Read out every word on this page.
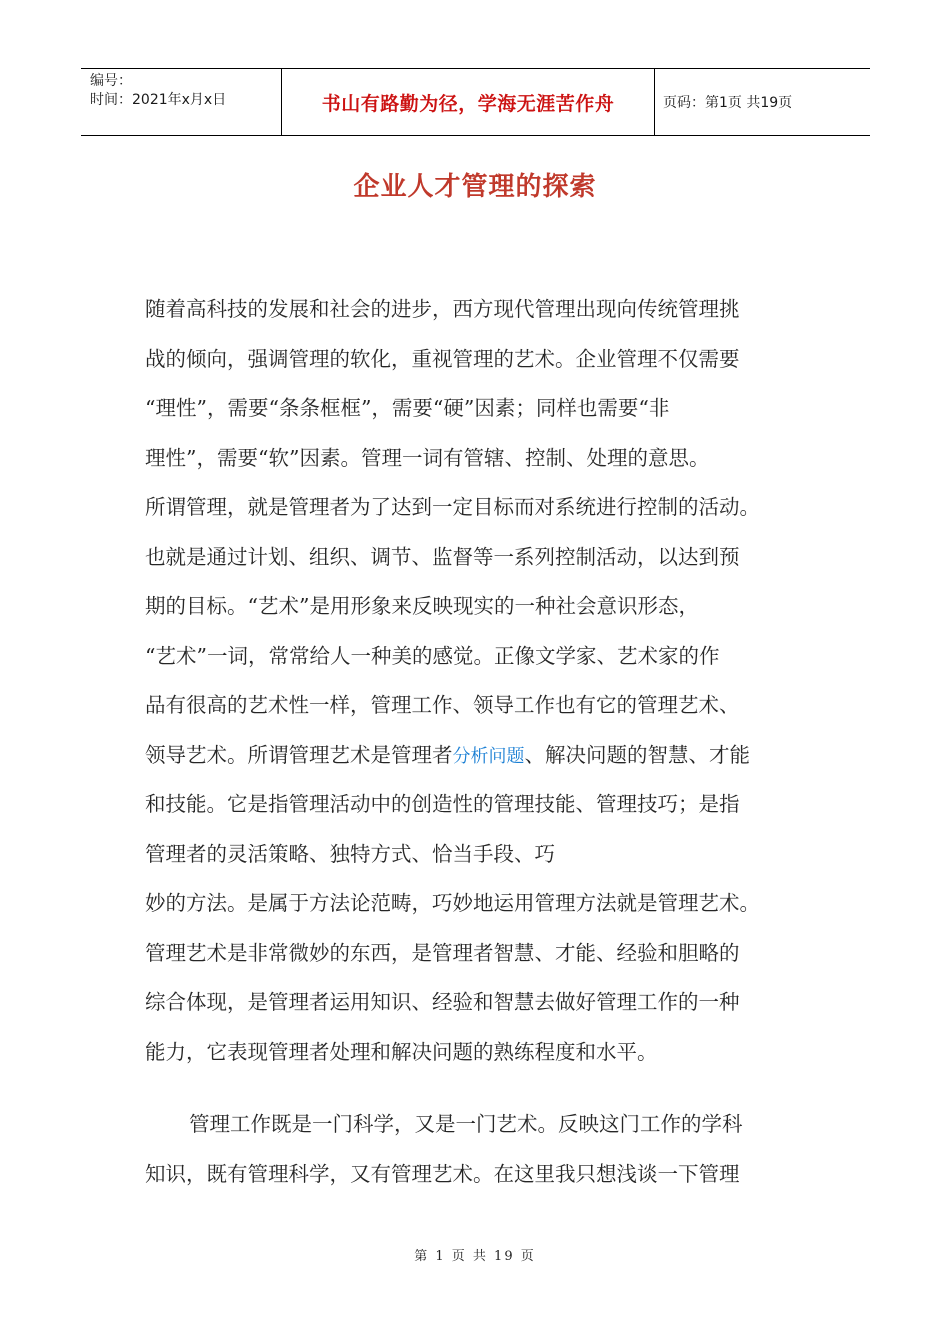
编号：
时间：2021年x月x日	书山有路勤为径，学海无涯苦作舟	页码：第1页 共19页
企业人才管理的探索
随着高科技的发展和社会的进步，西方现代管理出现向传统管理挑
战的倾向，强调管理的软化，重视管理的艺术。企业管理不仅需要
“理性”，需要“条条框框”，需要“硬”因素；同样也需要“非
理性”，需要“软”因素。管理一词有管辖、控制、处理的意思。
所谓管理，就是管理者为了达到一定目标而对系统进行控制的活动。
也就是通过计划、组织、调节、监督等一系列控制活动，以达到预
期的目标。“艺术”是用形象来反映现实的一种社会意识形态，
“艺术”一词，常常给人一种美的感觉。正像文学家、艺术家的作
品有很高的艺术性一样，管理工作、领导工作也有它的管理艺术、
领导艺术。所谓管理艺术是管理者分析问题、解决问题的智慧、才能
和技能。它是指管理活动中的创造性的管理技能、管理技巧；是指
管理者的灵活策略、独特方式、恰当手段、巧
妙的方法。是属于方法论范畴，巧妙地运用管理方法就是管理艺术。
管理艺术是非常微妙的东西，是管理者智慧、才能、经验和胆略的
综合体现，是管理者运用知识、经验和智慧去做好管理工作的一种
能力，它表现管理者处理和解决问题的熟练程度和水平。
管理工作既是一门科学，又是一门艺术。反映这门工作的学科
知识，既有管理科学，又有管理艺术。在这里我只想浅谈一下管理
第 1 页 共 19 页
